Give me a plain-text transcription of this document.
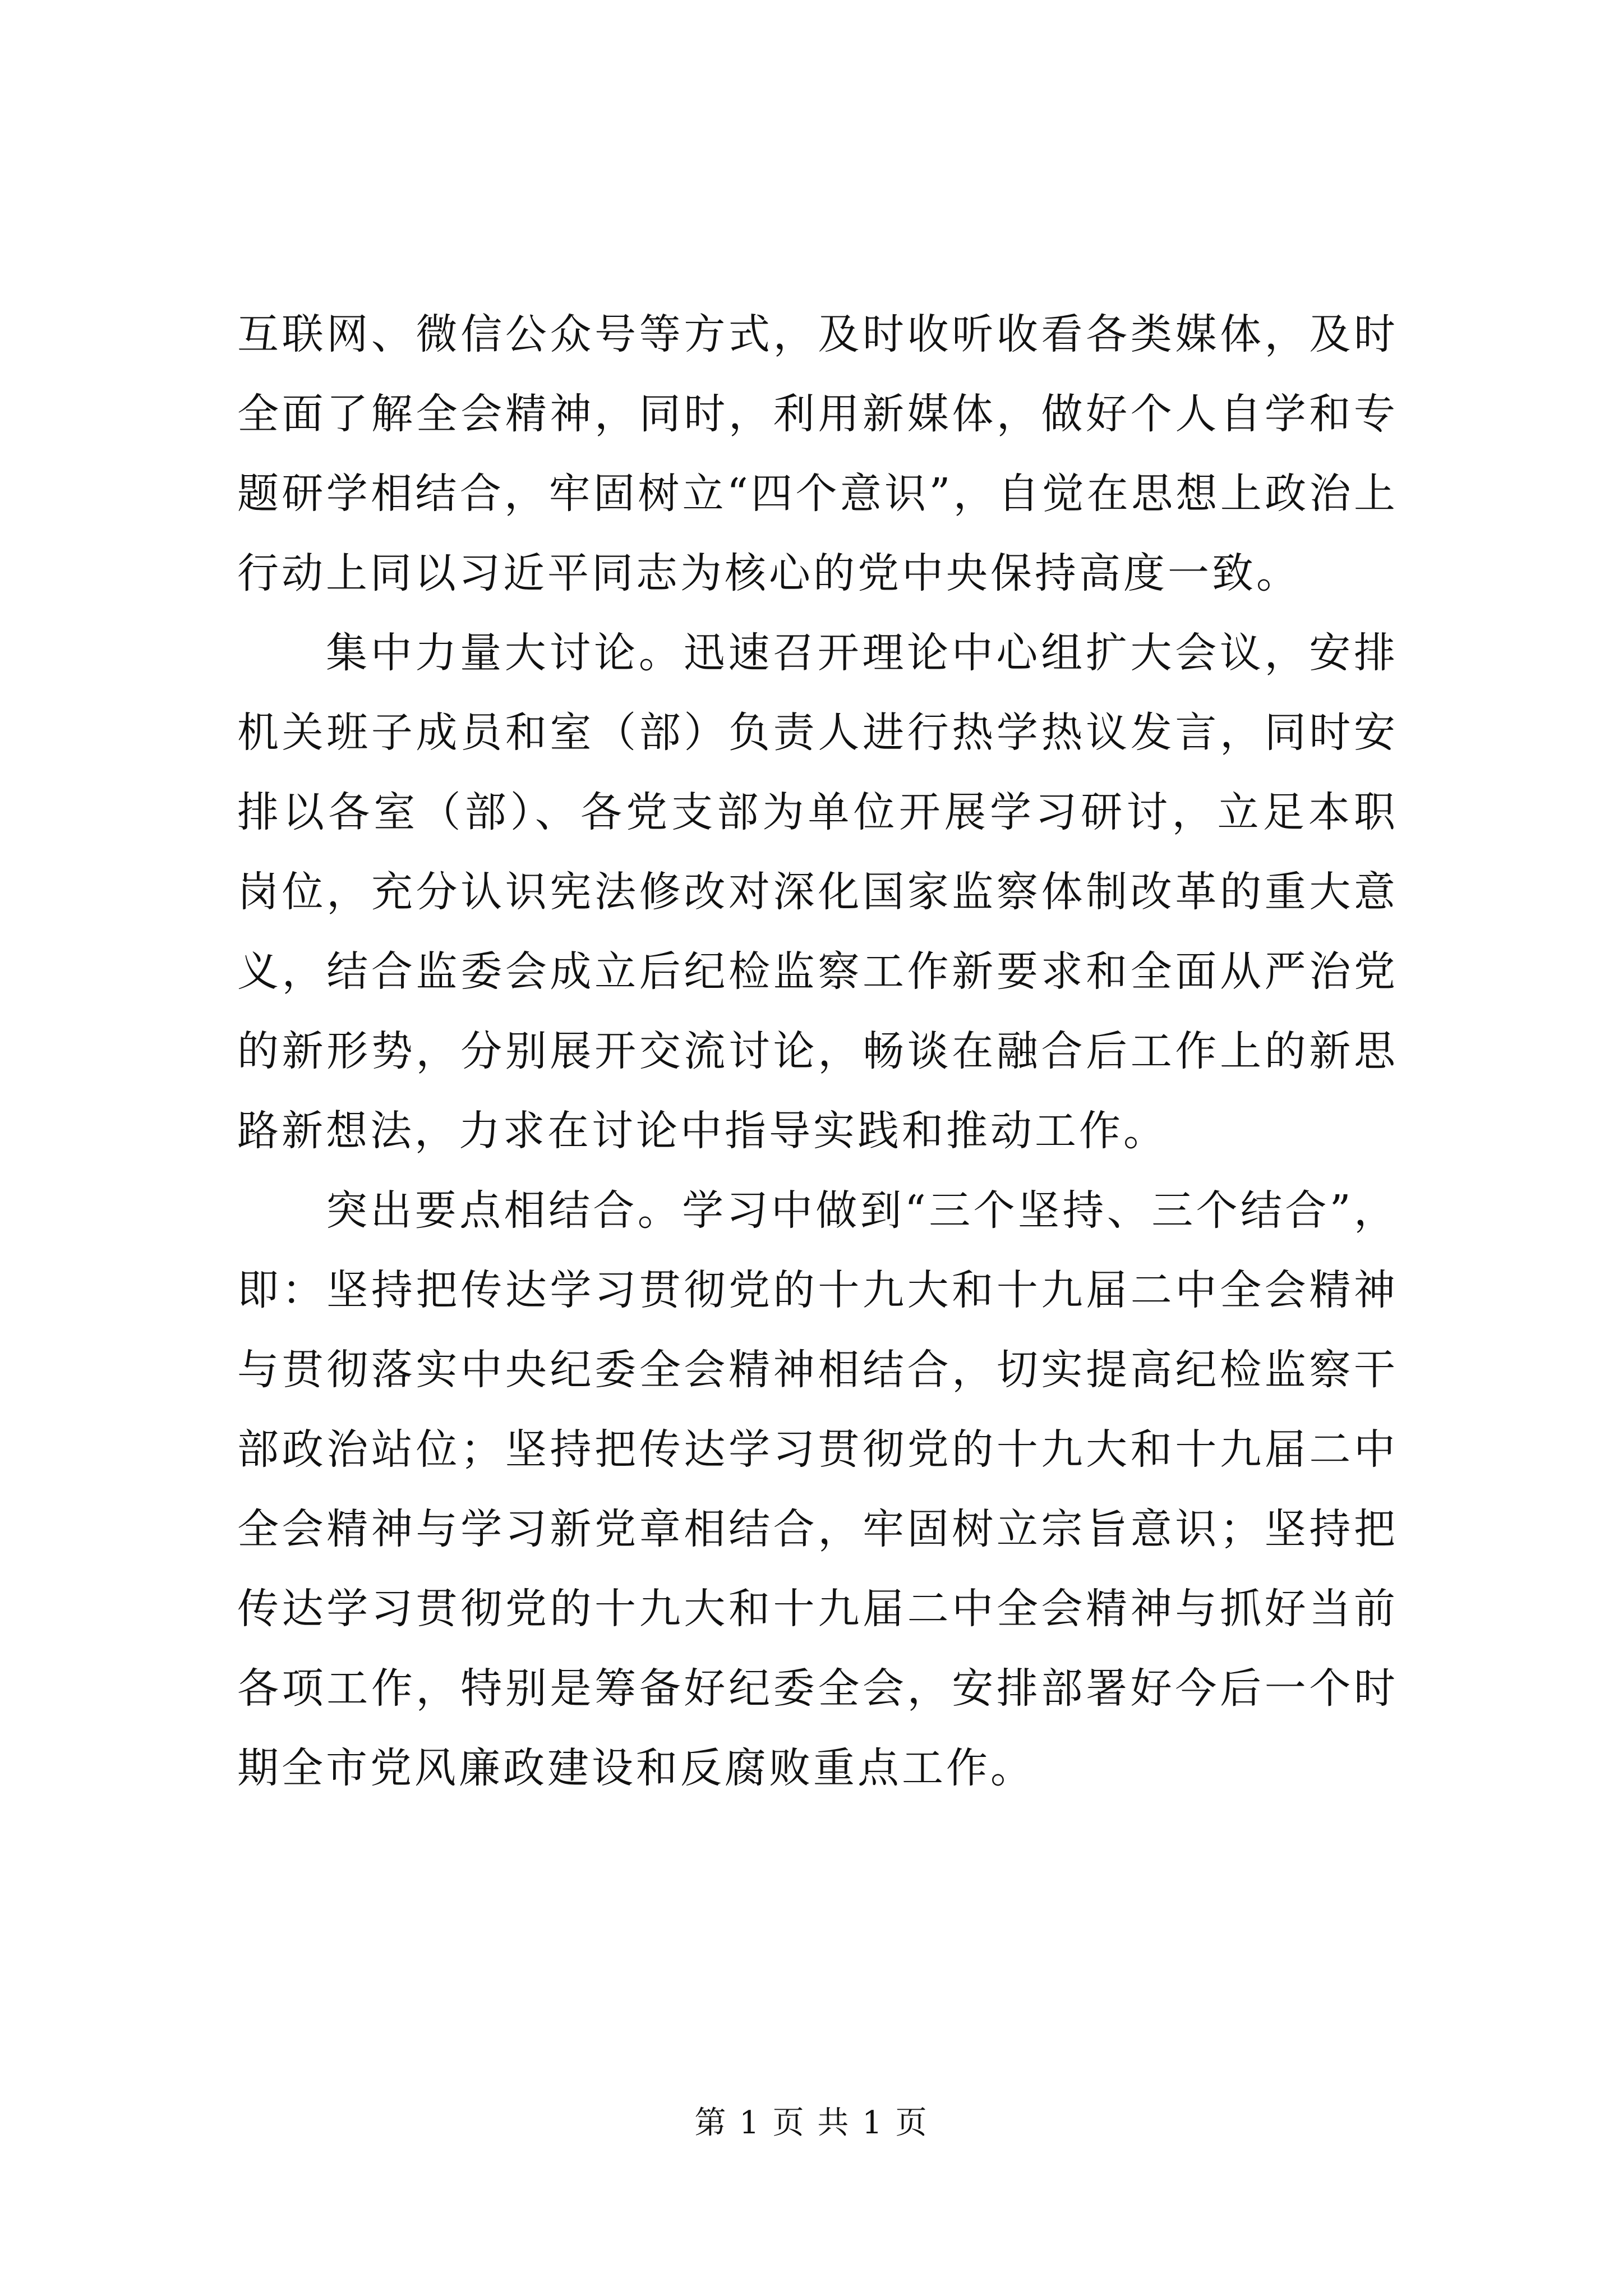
互联网、微信公众号等方式，及时收听收看各类媒体，及时全面了解全会精神，同时，利用新媒体，做好个人自学和专题研学相结合，牢固树立“四个意识”，自觉在思想上政治上行动上同以习近平同志为核心的党中央保持高度一致。

集中力量大讨论。迅速召开理论中心组扩大会议，安排机关班子成员和室（部）负责人进行热学热议发言，同时安排以各室（部）、各党支部为单位开展学习研讨，立足本职岗位，充分认识宪法修改对深化国家监察体制改革的重大意义，结合监委会成立后纪检监察工作新要求和全面从严治党的新形势，分别展开交流讨论，畅谈在融合后工作上的新思路新想法，力求在讨论中指导实践和推动工作。

突出要点相结合。学习中做到“三个坚持、三个结合”，即：坚持把传达学习贯彻党的十九大和十九届二中全会精神与贯彻落实中央纪委全会精神相结合，切实提高纪检监察干部政治站位；坚持把传达学习贯彻党的十九大和十九届二中全会精神与学习新党章相结合，牢固树立宗旨意识；坚持把传达学习贯彻党的十九大和十九届二中全会精神与抓好当前各项工作，特别是筹备好纪委全会，安排部署好今后一个时期全市党风廉政建设和反腐败重点工作。

第 1 页 共 1 页
